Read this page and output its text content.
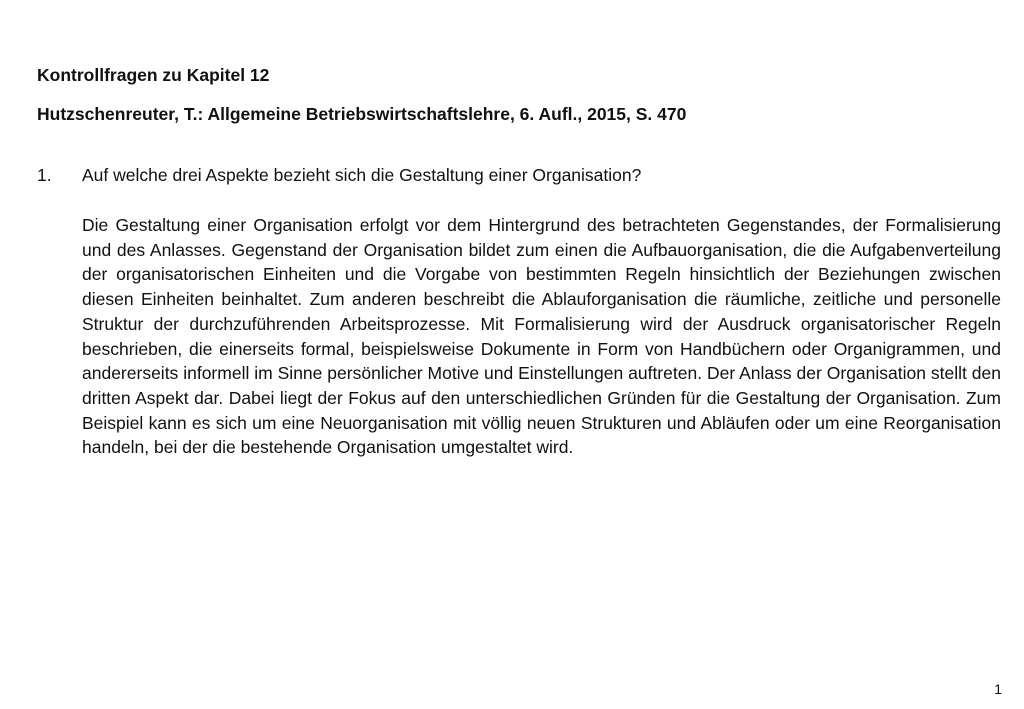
Kontrollfragen zu Kapitel 12

Hutzschenreuter, T.: Allgemeine Betriebswirtschaftslehre, 6. Aufl., 2015, S. 470

1.	Auf welche drei Aspekte bezieht sich die Gestaltung einer Organisation?

Die Gestaltung einer Organisation erfolgt vor dem Hintergrund des betrachteten Gegenstandes, der Formalisierung und des Anlasses. Gegenstand der Organisation bildet zum einen die Aufbauorganisation, die die Aufgabenverteilung der organisatorischen Einheiten und die Vorgabe von bestimmten Regeln hinsichtlich der Beziehungen zwischen diesen Einheiten beinhaltet. Zum anderen beschreibt die Ablauforganisation die räumliche, zeitliche und personelle Struktur der durchzuführenden Arbeitsprozesse. Mit Formalisierung wird der Ausdruck organisatorischer Regeln beschrieben, die einerseits formal, beispielsweise Dokumente in Form von Handbüchern oder Organigrammen, und andererseits informell im Sinne persönlicher Motive und Einstellungen auftreten. Der Anlass der Organisation stellt den dritten Aspekt dar. Dabei liegt der Fokus auf den unterschiedlichen Gründen für die Gestaltung der Organisation. Zum Beispiel kann es sich um eine Neuorganisation mit völlig neuen Strukturen und Abläufen oder um eine Reorganisation handeln, bei der die bestehende Organisation umgestaltet wird.

1
